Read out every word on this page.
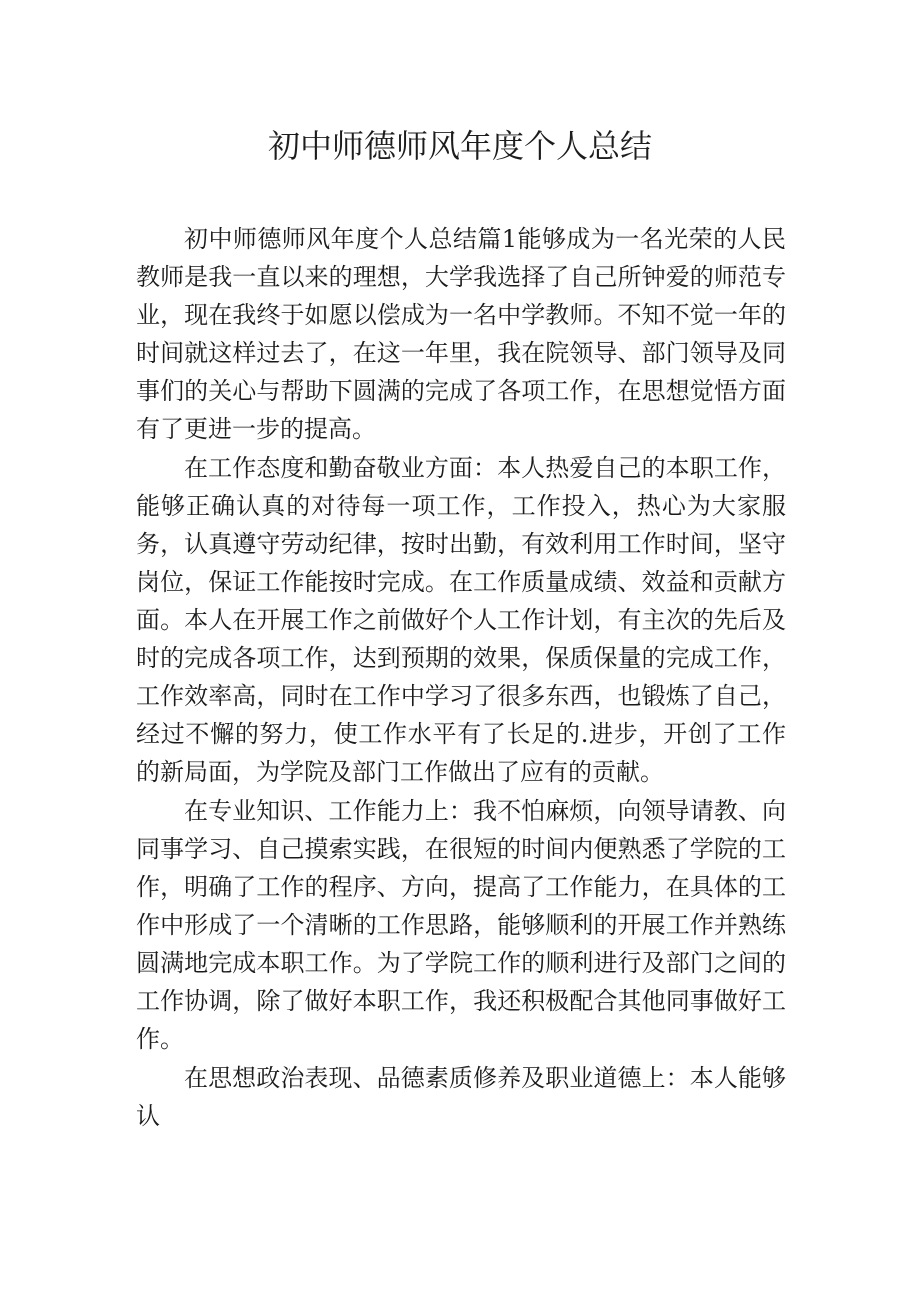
初中师德师风年度个人总结

初中师德师风年度个人总结篇1能够成为一名光荣的人民教师是我一直以来的理想，大学我选择了自己所钟爱的师范专业，现在我终于如愿以偿成为一名中学教师。不知不觉一年的时间就这样过去了，在这一年里，我在院领导、部门领导及同事们的关心与帮助下圆满的完成了各项工作，在思想觉悟方面有了更进一步的提高。

在工作态度和勤奋敬业方面：本人热爱自己的本职工作，能够正确认真的对待每一项工作，工作投入，热心为大家服务，认真遵守劳动纪律，按时出勤，有效利用工作时间，坚守岗位，保证工作能按时完成。在工作质量成绩、效益和贡献方面。本人在开展工作之前做好个人工作计划，有主次的先后及时的完成各项工作，达到预期的效果，保质保量的完成工作，工作效率高，同时在工作中学习了很多东西，也锻炼了自己，经过不懈的努力，使工作水平有了长足的.进步，开创了工作的新局面，为学院及部门工作做出了应有的贡献。

在专业知识、工作能力上：我不怕麻烦，向领导请教、向同事学习、自己摸索实践，在很短的时间内便熟悉了学院的工作，明确了工作的程序、方向，提高了工作能力，在具体的工作中形成了一个清晰的工作思路，能够顺利的开展工作并熟练圆满地完成本职工作。为了学院工作的顺利进行及部门之间的工作协调，除了做好本职工作，我还积极配合其他同事做好工作。

在思想政治表现、品德素质修养及职业道德上：本人能够认
